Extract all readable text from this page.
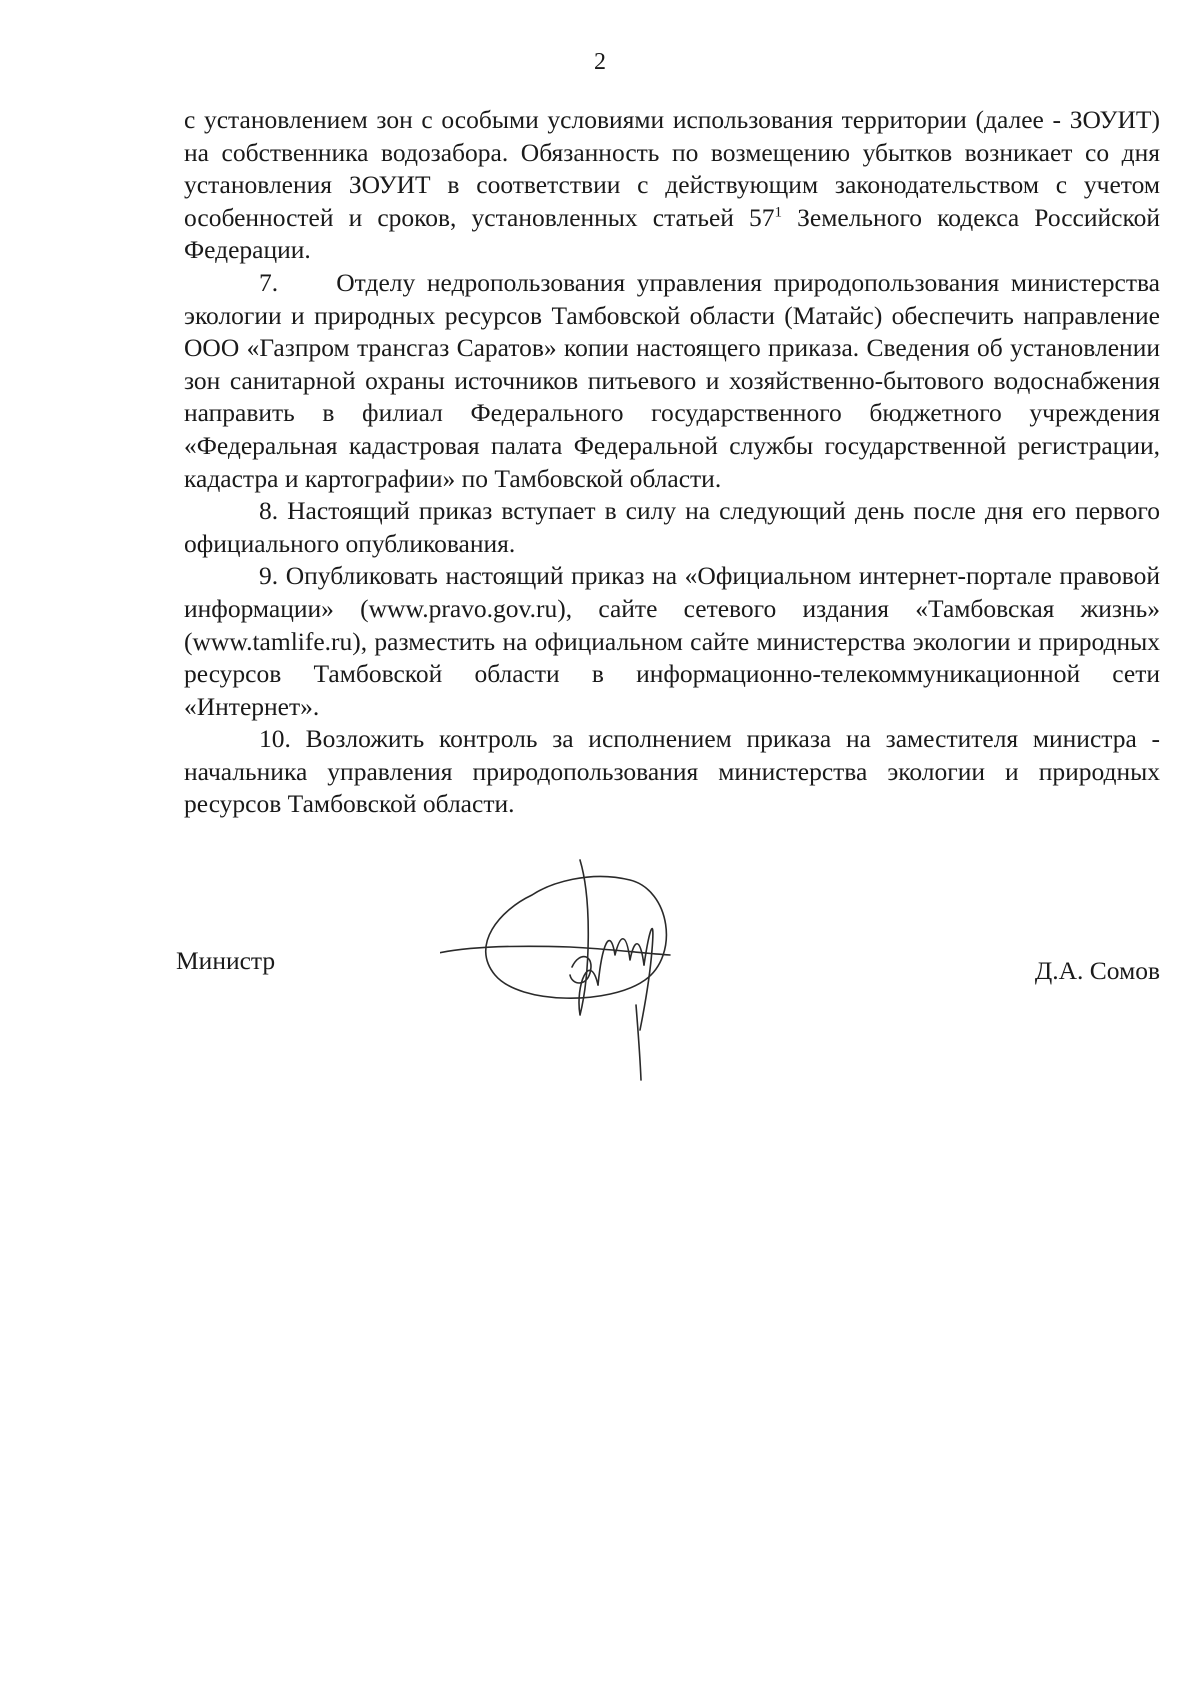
2

с установлением зон с особыми условиями использования территории (далее - ЗОУИТ) на собственника водозабора. Обязанность по возмещению убытков возникает со дня установления ЗОУИТ в соответствии с действующим законодательством с учетом особенностей и сроков, установленных статьей $57^1$ Земельного кодекса Российской Федерации.

7.     Отделу недропользования управления природопользования министерства экологии и природных ресурсов Тамбовской области (Матайс) обеспечить направление ООО «Газпром трансгаз Саратов» копии настоящего приказа. Сведения об установлении зон санитарной охраны источников питьевого и хозяйственно-бытового водоснабжения направить в филиал Федерального государственного бюджетного учреждения «Федеральная кадастровая палата Федеральной службы государственной регистрации, кадастра и картографии» по Тамбовской области.

8. Настоящий приказ вступает в силу на следующий день после дня его первого официального опубликования.

9. Опубликовать настоящий приказ на «Официальном интернет-портале правовой информации» (www.pravo.gov.ru), сайте сетевого издания «Тамбовская жизнь» (www.tamlife.ru), разместить на официальном сайте министерства экологии и природных ресурсов Тамбовской области в информационно-телекоммуникационной сети «Интернет».

10. Возложить контроль за исполнением приказа на заместителя министра - начальника управления природопользования министерства экологии и природных ресурсов Тамбовской области.

Министр	Д.А. Сомов
